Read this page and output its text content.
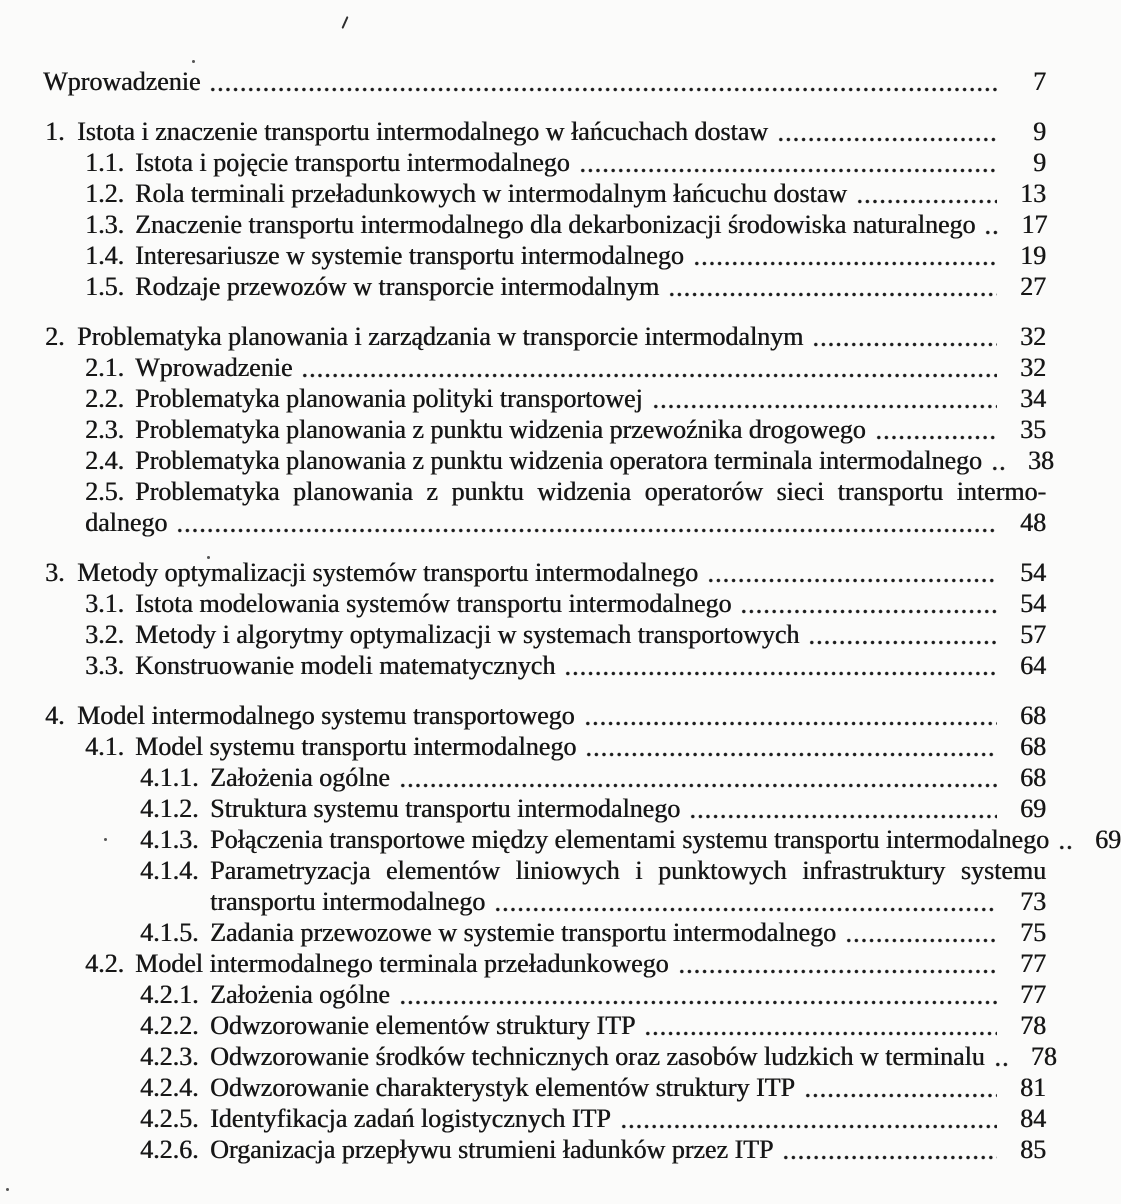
Wprowadzenie	7
1. Istota i znaczenie transportu intermodalnego w łańcuchach dostaw	9
1.1. Istota i pojęcie transportu intermodalnego	9
1.2. Rola terminali przeładunkowych w intermodalnym łańcuchu dostaw	13
1.3. Znaczenie transportu intermodalnego dla dekarbonizacji środowiska naturalnego	17
1.4. Interesariusze w systemie transportu intermodalnego	19
1.5. Rodzaje przewozów w transporcie intermodalnym	27
2. Problematyka planowania i zarządzania w transporcie intermodalnym	32
2.1. Wprowadzenie	32
2.2. Problematyka planowania polityki transportowej	34
2.3. Problematyka planowania z punktu widzenia przewoźnika drogowego	35
2.4. Problematyka planowania z punktu widzenia operatora terminala intermodalnego	38
2.5. Problematyka planowania z punktu widzenia operatorów sieci transportu intermo-
dalnego	48
3. Metody optymalizacji systemów transportu intermodalnego	54
3.1. Istota modelowania systemów transportu intermodalnego	54
3.2. Metody i algorytmy optymalizacji w systemach transportowych	57
3.3. Konstruowanie modeli matematycznych	64
4. Model intermodalnego systemu transportowego	68
4.1. Model systemu transportu intermodalnego	68
4.1.1. Założenia ogólne	68
4.1.2. Struktura systemu transportu intermodalnego	69
4.1.3. Połączenia transportowe między elementami systemu transportu intermodalnego	69
4.1.4. Parametryzacja elementów liniowych i punktowych infrastruktury systemu
transportu intermodalnego	73
4.1.5. Zadania przewozowe w systemie transportu intermodalnego	75
4.2. Model intermodalnego terminala przeładunkowego	77
4.2.1. Założenia ogólne	77
4.2.2. Odwzorowanie elementów struktury ITP	78
4.2.3. Odwzorowanie środków technicznych oraz zasobów ludzkich w terminalu	78
4.2.4. Odwzorowanie charakterystyk elementów struktury ITP	81
4.2.5. Identyfikacja zadań logistycznych ITP	84
4.2.6. Organizacja przepływu strumieni ładunków przez ITP	85
